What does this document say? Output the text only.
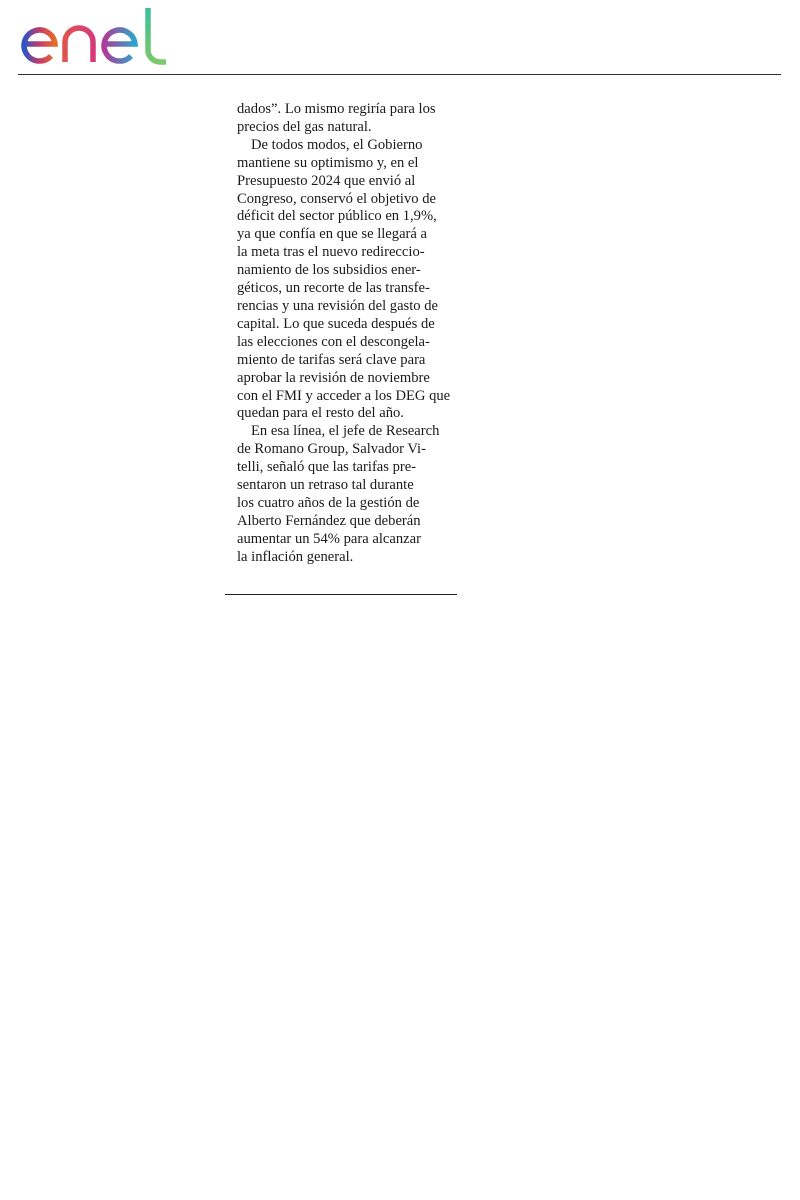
dados”. Lo mismo regiría para los
precios del gas natural.

De todos modos, el Gobierno
mantiene su optimismo y, en el
Presupuesto 2024 que envió al
Congreso, conservó el objetivo de
déficit del sector público en 1,9%,
ya que confía en que se llegará a
la meta tras el nuevo redireccio-
namiento de los subsidios ener-
géticos, un recorte de las transfe-
rencias y una revisión del gasto de
capital. Lo que suceda después de
las elecciones con el descongela-
miento de tarifas será clave para
aprobar la revisión de noviembre
con el FMI y acceder a los DEG que
quedan para el resto del año.

En esa línea, el jefe de Research
de Romano Group, Salvador Vi-
telli, señaló que las tarifas pre-
sentaron un retraso tal durante
los cuatro años de la gestión de
Alberto Fernández que deberán
aumentar un 54% para alcanzar
la inflación general.
